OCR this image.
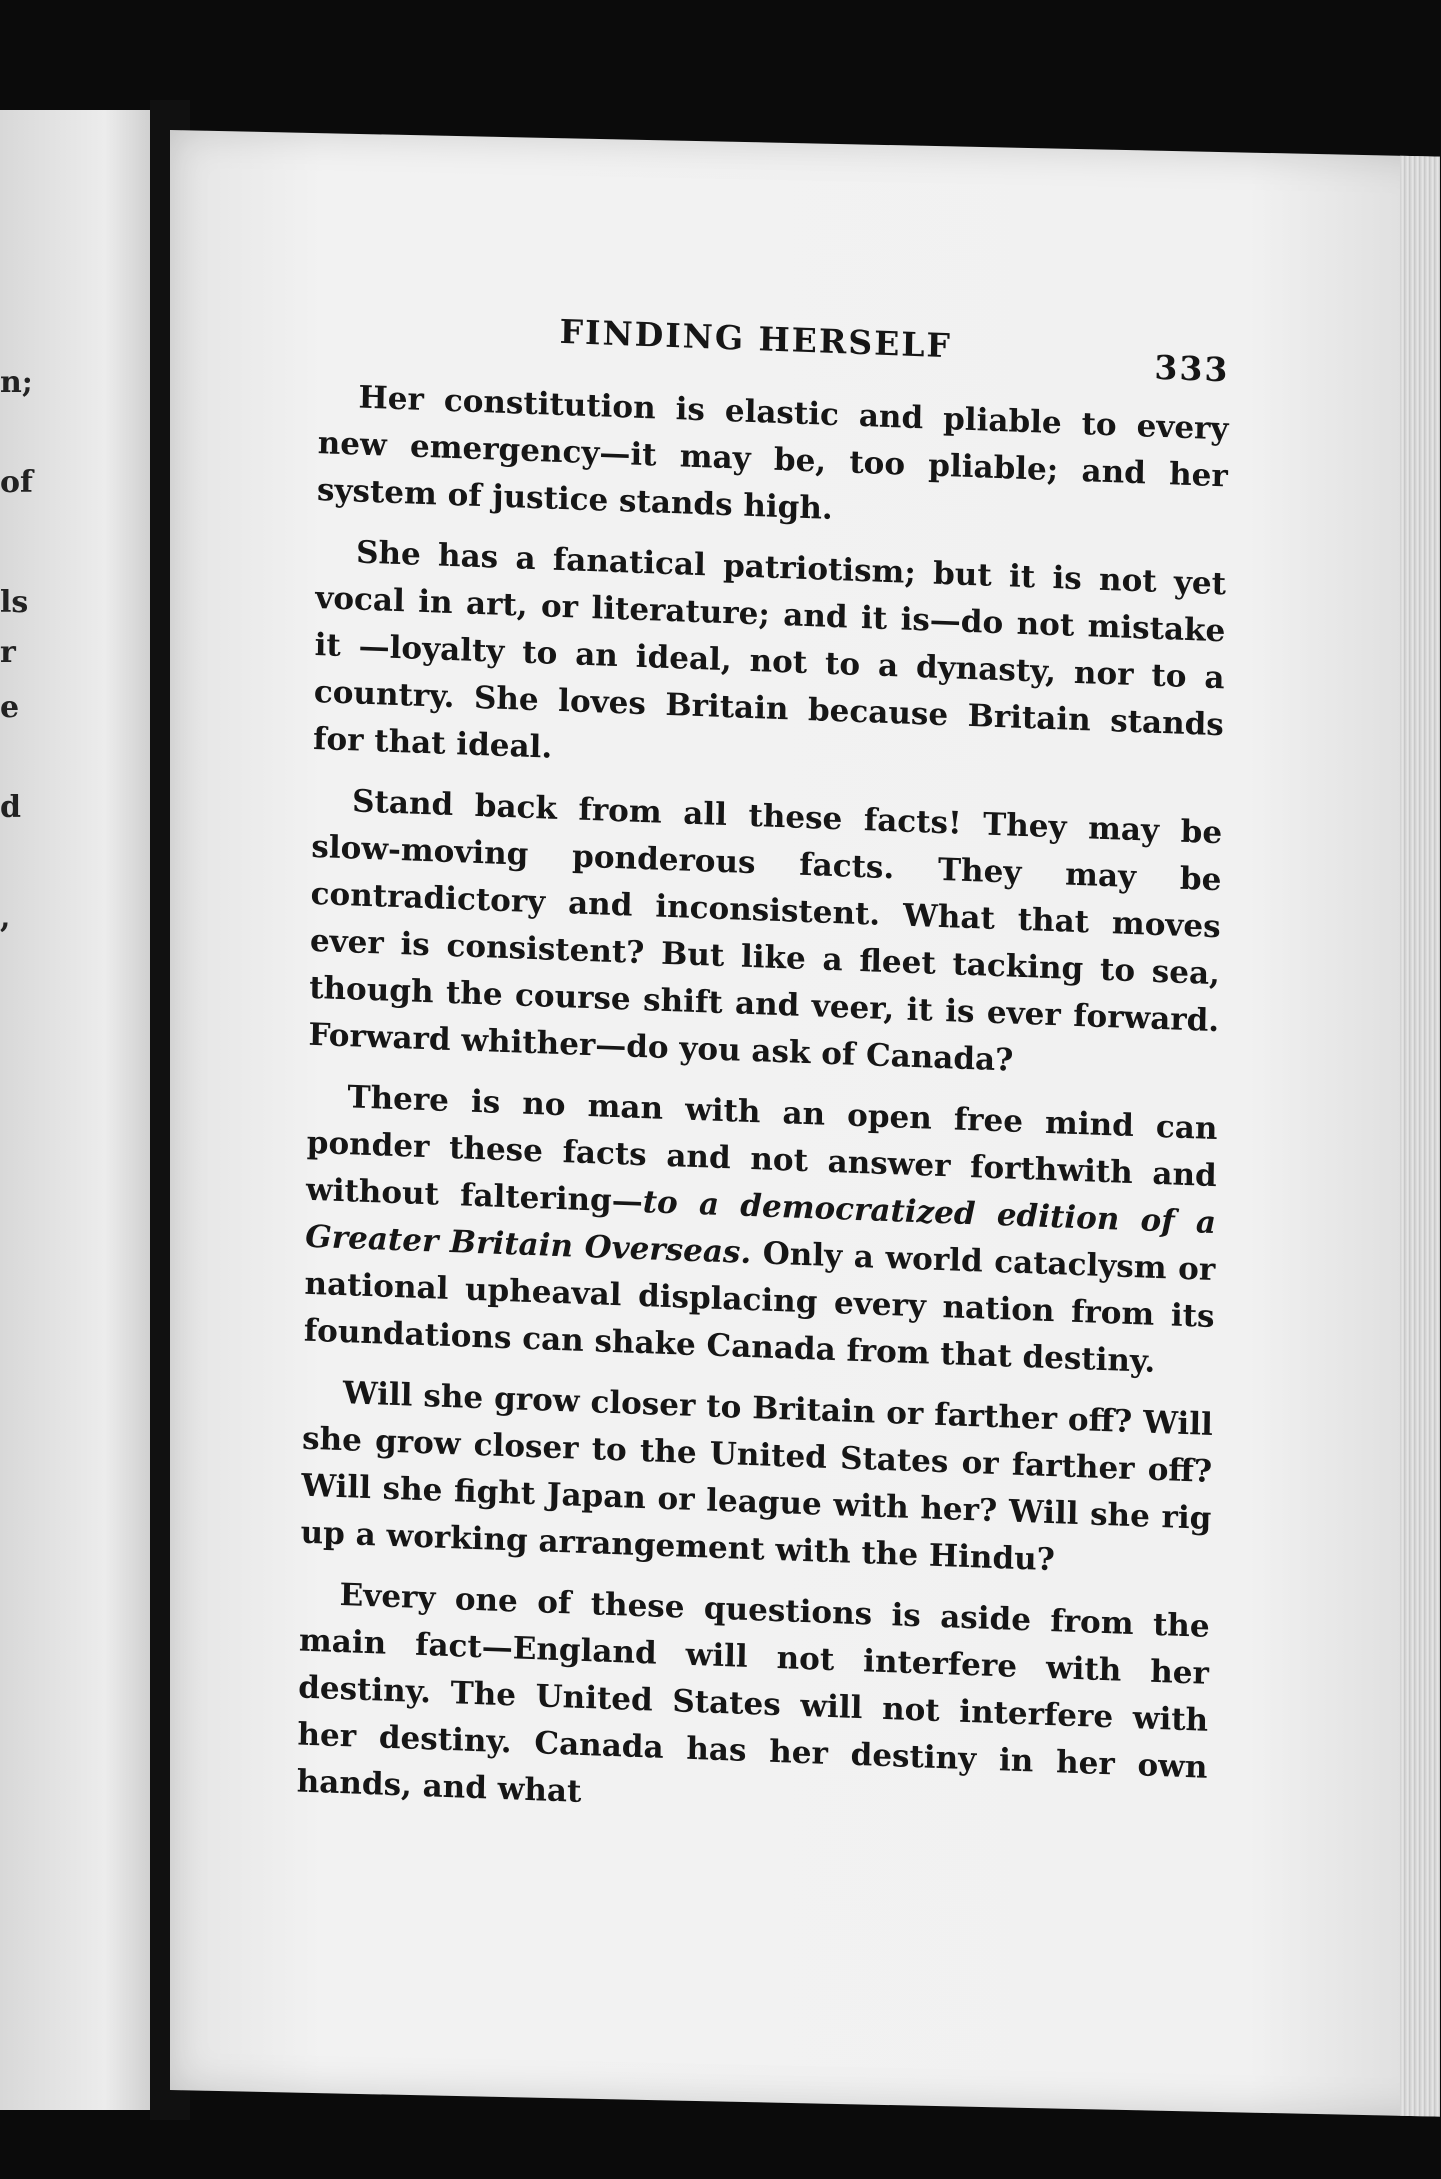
n;
of
ls
r
e
d
,
FINDING HERSELF
333

Her constitution is elastic and pliable to every new emergency—it may be, too pliable; and her system of justice stands high.

She has a fanatical patriotism; but it is not yet vocal in art, or literature; and it is—do not mistake it —loyalty to an ideal, not to a dynasty, nor to a country. She loves Britain because Britain stands for that ideal.

Stand back from all these facts! They may be slow-moving ponderous facts. They may be contradictory and inconsistent. What that moves ever is consistent? But like a fleet tacking to sea, though the course shift and veer, it is ever forward. Forward whither—do you ask of Canada?

There is no man with an open free mind can ponder these facts and not answer forthwith and without faltering—to a democratized edition of a Greater Britain Overseas. Only a world cataclysm or national upheaval displacing every nation from its foundations can shake Canada from that destiny.

Will she grow closer to Britain or farther off? Will she grow closer to the United States or farther off? Will she fight Japan or league with her? Will she rig up a working arrangement with the Hindu?

Every one of these questions is aside from the main fact—England will not interfere with her destiny. The United States will not interfere with her destiny. Canada has her destiny in her own hands, and what
